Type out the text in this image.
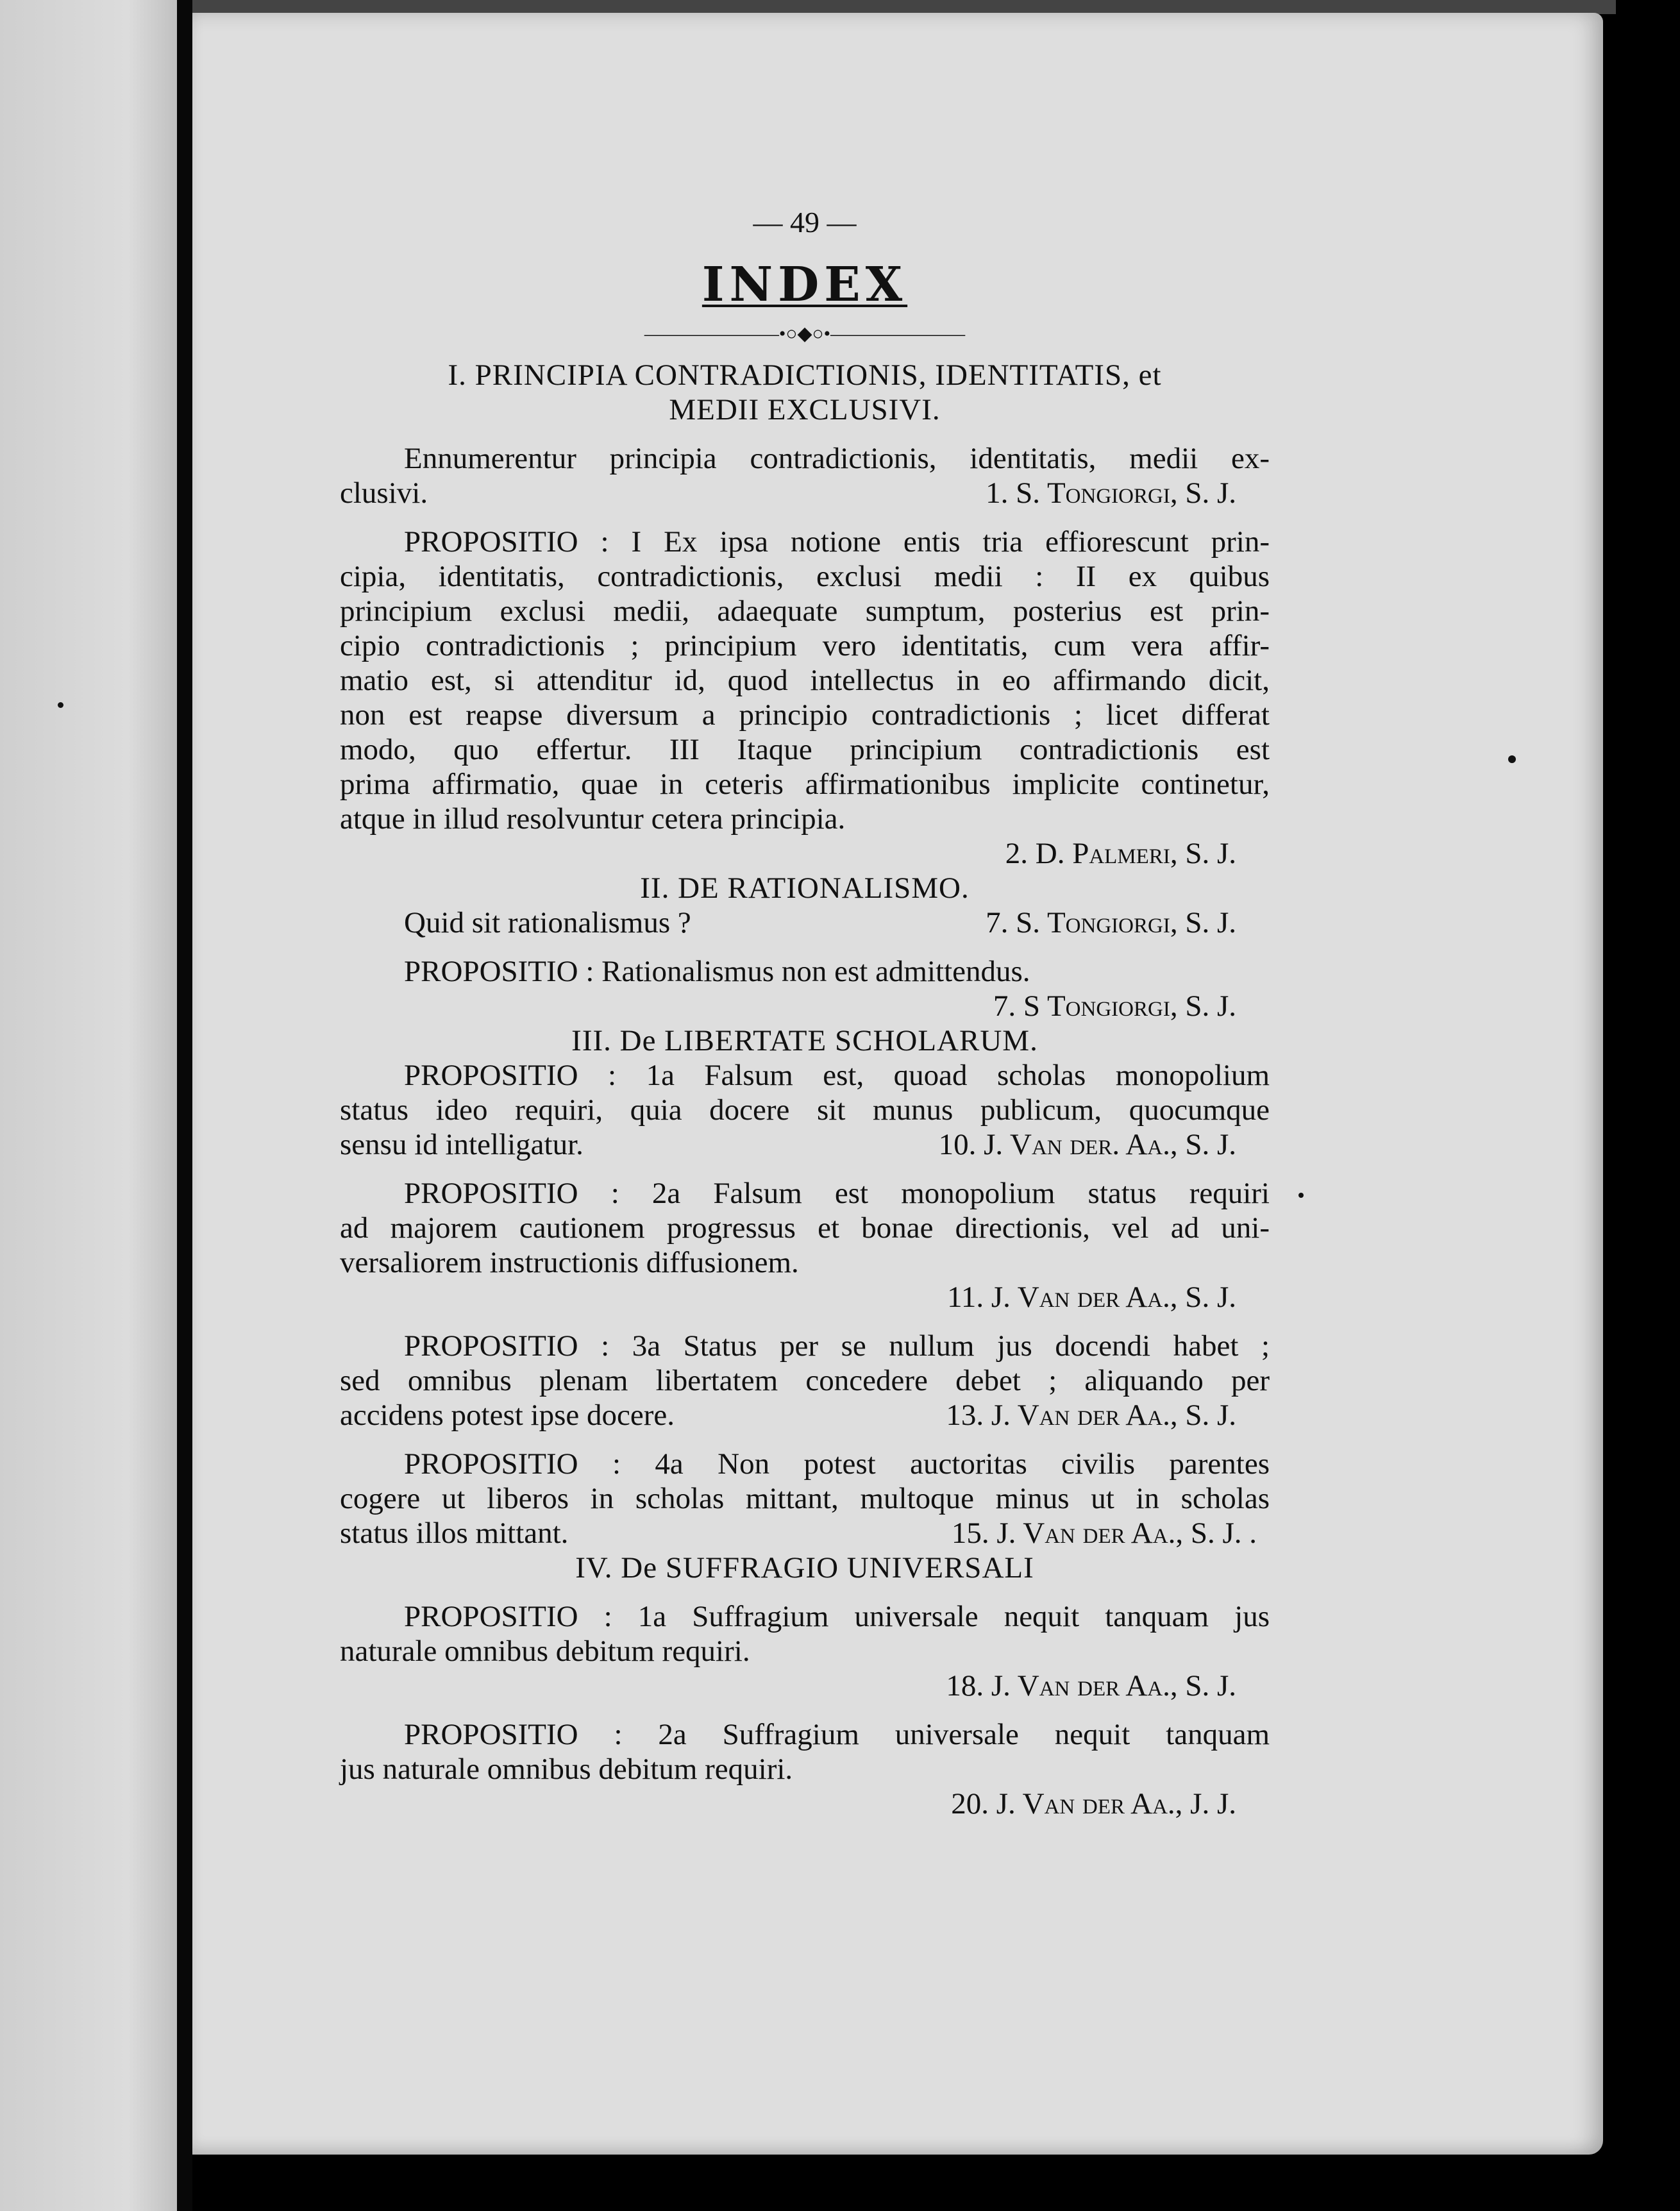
— 49 —
INDEX
———————•○◆○•———————
I. PRINCIPIA CONTRADICTIONIS, IDENTITATIS, et
MEDII EXCLUSIVI.
Ennumerentur principia contradictionis, identitatis, medii ex-
clusivi.	1. S. Tongiorgi, S. J.
PROPOSITIO : I Ex ipsa notione entis tria effiorescunt prin-
cipia, identitatis, contradictionis, exclusi medii : II ex quibus
principium exclusi medii, adaequate sumptum, posterius est prin-
cipio contradictionis ; principium vero identitatis, cum vera affir-
matio est, si attenditur id, quod intellectus in eo affirmando dicit,
non est reapse diversum a principio contradictionis ; licet differat
modo, quo effertur. III Itaque principium contradictionis est
prima affirmatio, quae in ceteris affirmationibus implicite continetur,
atque in illud resolvuntur cetera principia.
2. D. Palmeri, S. J.
II. DE RATIONALISMO.
Quid sit rationalismus ?	7. S. Tongiorgi, S. J.
PROPOSITIO : Rationalismus non est admittendus.
7. S Tongiorgi, S. J.
III. De LIBERTATE SCHOLARUM.
PROPOSITIO : 1a Falsum est, quoad scholas monopolium
status ideo requiri, quia docere sit munus publicum, quocumque
sensu id intelligatur.	10. J. Van der. Aa., S. J.
PROPOSITIO : 2a Falsum est monopolium status requiri
ad majorem cautionem progressus et bonae directionis, vel ad uni-
versaliorem instructionis diffusionem.
11. J. Van der Aa., S. J.
PROPOSITIO : 3a Status per se nullum jus docendi habet ;
sed omnibus plenam libertatem concedere debet ; aliquando per
accidens potest ipse docere.	13. J. Van der Aa., S. J.
PROPOSITIO : 4a Non potest auctoritas civilis parentes
cogere ut liberos in scholas mittant, multoque minus ut in scholas
status illos mittant.	15. J. Van der Aa., S. J. .
IV. De SUFFRAGIO UNIVERSALI
PROPOSITIO : 1a Suffragium universale nequit tanquam jus
naturale omnibus debitum requiri.
18. J. Van der Aa., S. J.
PROPOSITIO : 2a Suffragium universale nequit tanquam
jus naturale omnibus debitum requiri.
20. J. Van der Aa., J. J.
